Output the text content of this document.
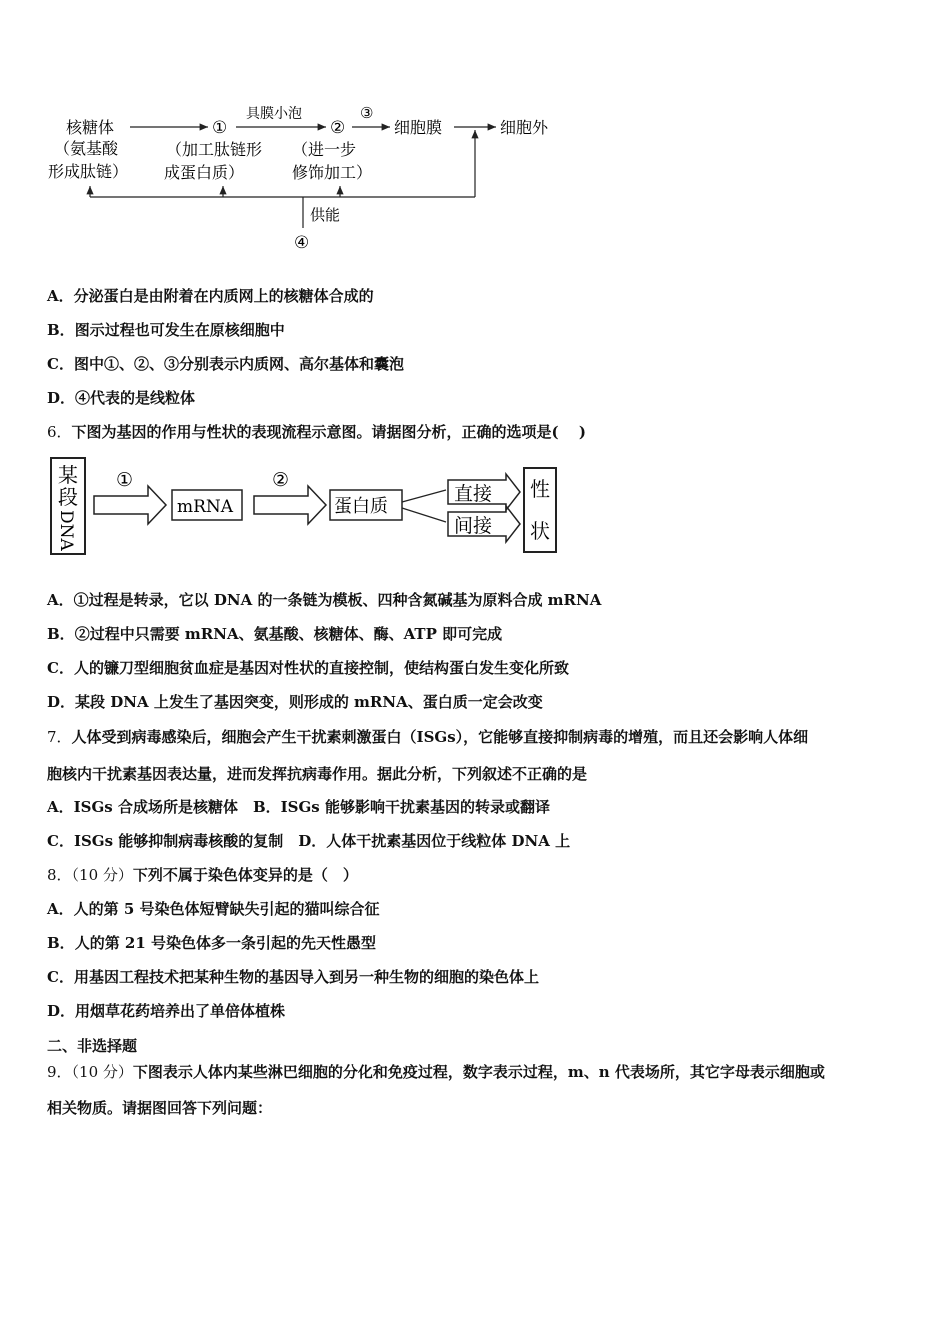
核糖体
（氨基酸
形成肽链）
①
（加工肽链形
成蛋白质）
具膜小泡
②
（进一步
修饰加工）
③
细胞膜	细胞外
供能
④
A．分泌蛋白是由附着在内质网上的核糖体合成的
B．图示过程也可发生在原核细胞中
C．图中①、②、③分别表示内质网、高尔基体和囊泡
D．④代表的是线粒体
6．下图为基因的作用与性状的表现流程示意图。请据图分析，正确的选项是(　 )
某
段
DNA
①
mRNA
②
蛋白质
直接
间接
性
状
A．①过程是转录，它以 DNA 的一条链为模板、四种含氮碱基为原料合成 mRNA
B．②过程中只需要 mRNA、氨基酸、核糖体、酶、ATP 即可完成
C．人的镰刀型细胞贫血症是基因对性状的直接控制，使结构蛋白发生变化所致
D．某段 DNA 上发生了基因突变，则形成的 mRNA、蛋白质一定会改变
7．人体受到病毒感染后，细胞会产生干扰素刺激蛋白（ISGs），它能够直接抑制病毒的增殖，而且还会影响人体细
胞核内干扰素基因表达量，进而发挥抗病毒作用。据此分析，下列叙述不正确的是
A．ISGs 合成场所是核糖体　B．ISGs 能够影响干扰素基因的转录或翻译
C．ISGs 能够抑制病毒核酸的复制　D．人体干扰素基因位于线粒体 DNA 上
8．（10 分）下列不属于染色体变异的是（　）
A．人的第 5 号染色体短臂缺失引起的猫叫综合征
B．人的第 21 号染色体多一条引起的先天性愚型
C．用基因工程技术把某种生物的基因导入到另一种生物的细胞的染色体上
D．用烟草花药培养出了单倍体植株
二、非选择题
9．（10 分）下图表示人体内某些淋巴细胞的分化和免疫过程，数字表示过程，m、n 代表场所，其它字母表示细胞或
相关物质。请据图回答下列问题：
